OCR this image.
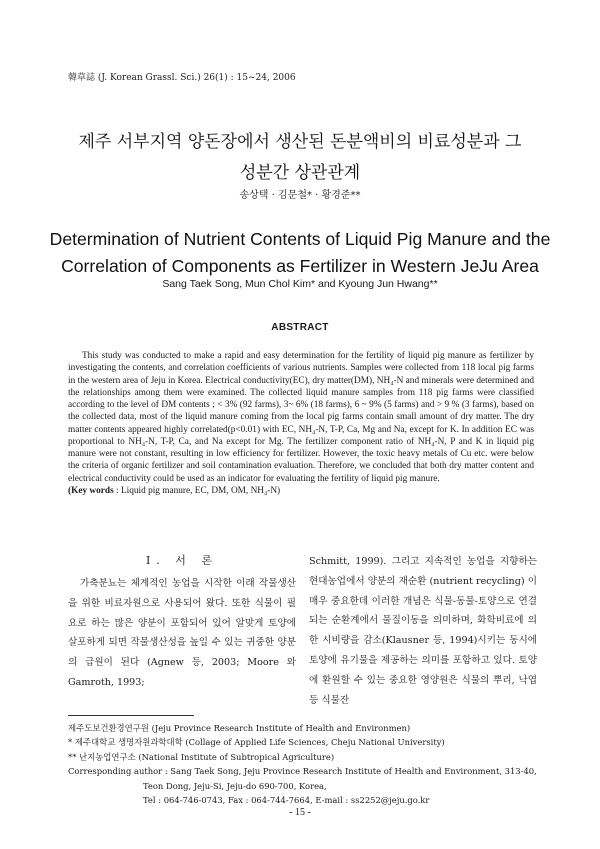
韓草誌 (J. Korean Grassl. Sci.) 26(1) : 15~24, 2006
제주 서부지역 양돈장에서 생산된 돈분액비의 비료성분과 그
성분간 상관관계
송상택 · 김문철* · 황경준**
Determination of Nutrient Contents of Liquid Pig Manure and the
Correlation of Components as Fertilizer in Western JeJu Area
Sang Taek Song, Mun Chol Kim* and Kyoung Jun Hwang**
ABSTRACT

This study was conducted to make a rapid and easy determination for the fertility of liquid pig manure as fertilizer by investigating the contents, and correlation coefficients of various nutrients. Samples were collected from 118 local pig farms in the western area of Jeju in Korea. Electrical conductivity(EC), dry matter(DM), NH₄-N and minerals were determined and the relationships among them were examined. The collected liquid manure samples from 118 pig farms were classified according to the level of DM contents ; < 3% (92 farms), 3~ 6% (18 farms), 6 ~ 9% (5 farms) and > 9 % (3 farms), based on the collected data, most of the liquid manure coming from the local pig farms contain small amount of dry matter. The dry matter contents appeared highly correlated(p<0.01) with EC, NH₄-N, T-P, Ca, Mg and Na, except for K. In addition EC was proportional to NH₄-N, T-P, Ca, and Na except for Mg. The fertilizer component ratio of NH₄-N, P and K in liquid pig manure were not constant, resulting in low efficiency for fertilizer. However, the toxic heavy metals of Cu etc. were below the criteria of organic fertilizer and soil contamination evaluation. Therefore, we concluded that both dry matter content and electrical conductivity could be used as an indicator for evaluating the fertility of liquid pig manure.

(Key words : Liquid pig manure, EC, DM, OM, NH₄-N)

Ⅰ. 서 론

가축분뇨는 체계적인 농업을 시작한 이래 작물생산을 위한 비료자원으로 사용되어 왔다. 또한 식물이 필요로 하는 많은 양분이 포함되어 있어 알맞게 토양에 살포하게 되면 작물생산성을 높일 수 있는 귀중한 양분의 급원이 된다 (Agnew 등, 2003; Moore 와 Gamroth, 1993;

Schmitt, 1999). 그리고 지속적인 농업을 지향하는 현대농업에서 양분의 재순환 (nutrient recycling) 이 매우 중요한데 이러한 개념은 식물-동물-토양으로 연결되는 순환계에서 물질이동을 의미하며, 화학비료에 의한 시비량을 감소(Klausner 등, 1994)시키는 동시에 토양에 유기물을 제공하는 의미를 포함하고 있다. 토양에 환원할 수 있는 중요한 영양원은 식물의 뿌리, 낙엽 등 식물잔

제주도보건환경연구원 (Jeju Province Research Institute of Health and Environmen)
* 제주대학교 생명자원과학대학 (Collage of Applied Life Sciences, Cheju National University)
** 난지농업연구소 (National Institute of Subtropical Agriculture)
Corresponding author : Sang Taek Song, Jeju Province Research Institute of Health and Environment, 313-40,
Teon Dong, Jeju-Si, Jeju-do 690-700, Korea,
Tel : 064-746-0743, Fax : 064-744-7664, E-mail : ss2252@jeju.go.kr
- 15 -
